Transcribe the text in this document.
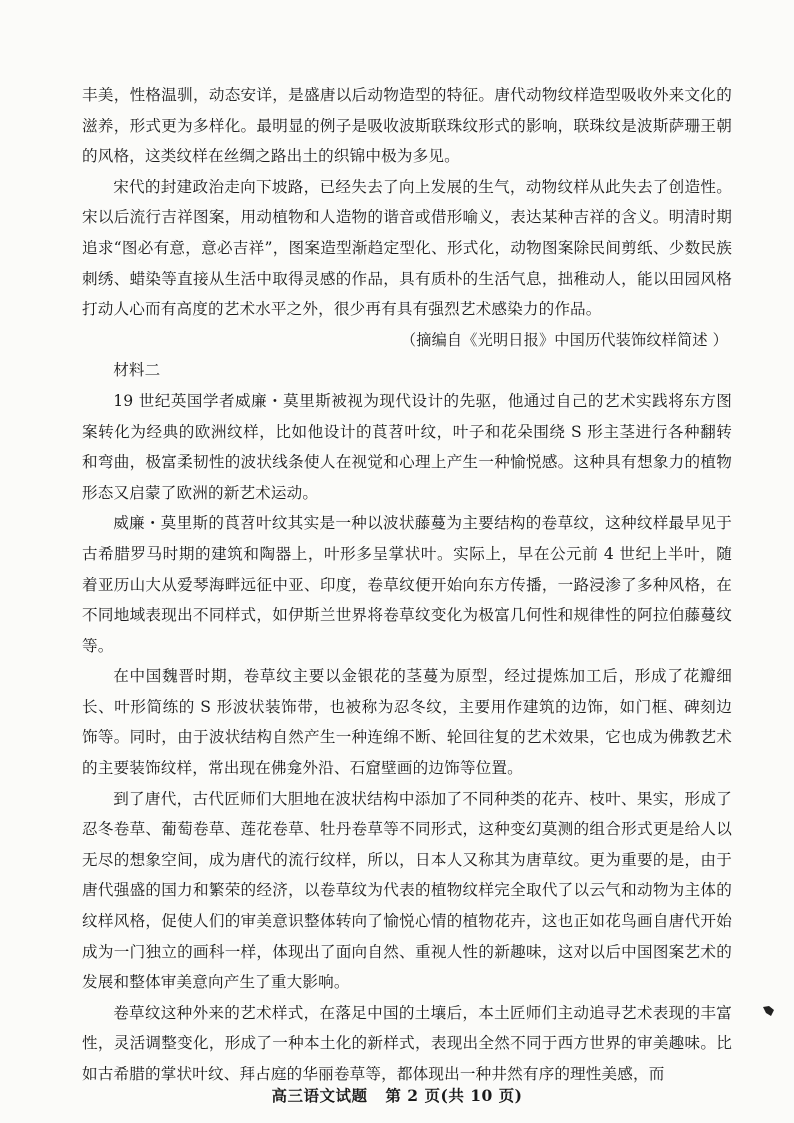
丰美，性格温驯，动态安详，是盛唐以后动物造型的特征。唐代动物纹样造型吸收外来文化的滋养，形式更为多样化。最明显的例子是吸收波斯联珠纹形式的影响，联珠纹是波斯萨珊王朝的风格，这类纹样在丝绸之路出土的织锦中极为多见。

宋代的封建政治走向下坡路，已经失去了向上发展的生气，动物纹样从此失去了创造性。宋以后流行吉祥图案，用动植物和人造物的谐音或借形喻义，表达某种吉祥的含义。明清时期追求“图必有意，意必吉祥”，图案造型渐趋定型化、形式化，动物图案除民间剪纸、少数民族刺绣、蜡染等直接从生活中取得灵感的作品，具有质朴的生活气息，拙稚动人，能以田园风格打动人心而有高度的艺术水平之外，很少再有具有强烈艺术感染力的作品。

（摘编自《光明日报》中国历代装饰纹样简述 ）

材料二

19 世纪英国学者威廉・莫里斯被视为现代设计的先驱，他通过自己的艺术实践将东方图案转化为经典的欧洲纹样，比如他设计的莨苕叶纹，叶子和花朵围绕 S 形主茎进行各种翻转和弯曲，极富柔韧性的波状线条使人在视觉和心理上产生一种愉悦感。这种具有想象力的植物形态又启蒙了欧洲的新艺术运动。

威廉・莫里斯的莨苕叶纹其实是一种以波状藤蔓为主要结构的卷草纹，这种纹样最早见于古希腊罗马时期的建筑和陶器上，叶形多呈掌状叶。实际上，早在公元前 4 世纪上半叶，随着亚历山大从爱琴海畔远征中亚、印度，卷草纹便开始向东方传播，一路浸渗了多种风格，在不同地域表现出不同样式，如伊斯兰世界将卷草纹变化为极富几何性和规律性的阿拉伯藤蔓纹等。

在中国魏晋时期，卷草纹主要以金银花的茎蔓为原型，经过提炼加工后，形成了花瓣细长、叶形简练的 S 形波状装饰带，也被称为忍冬纹，主要用作建筑的边饰，如门框、碑刻边饰等。同时，由于波状结构自然产生一种连绵不断、轮回往复的艺术效果，它也成为佛教艺术的主要装饰纹样，常出现在佛龛外沿、石窟壁画的边饰等位置。

到了唐代，古代匠师们大胆地在波状结构中添加了不同种类的花卉、枝叶、果实，形成了忍冬卷草、葡萄卷草、莲花卷草、牡丹卷草等不同形式，这种变幻莫测的组合形式更是给人以无尽的想象空间，成为唐代的流行纹样，所以，日本人又称其为唐草纹。更为重要的是，由于唐代强盛的国力和繁荣的经济，以卷草纹为代表的植物纹样完全取代了以云气和动物为主体的纹样风格，促使人们的审美意识整体转向了愉悦心情的植物花卉，这也正如花鸟画自唐代开始成为一门独立的画科一样，体现出了面向自然、重视人性的新趣味，这对以后中国图案艺术的发展和整体审美意向产生了重大影响。

卷草纹这种外来的艺术样式，在落足中国的土壤后，本土匠师们主动追寻艺术表现的丰富性，灵活调整变化，形成了一种本土化的新样式，表现出全然不同于西方世界的审美趣味。比如古希腊的掌状叶纹、拜占庭的华丽卷草等，都体现出一种井然有序的理性美感，而

高三语文试题 第 2 页(共 10 页)
